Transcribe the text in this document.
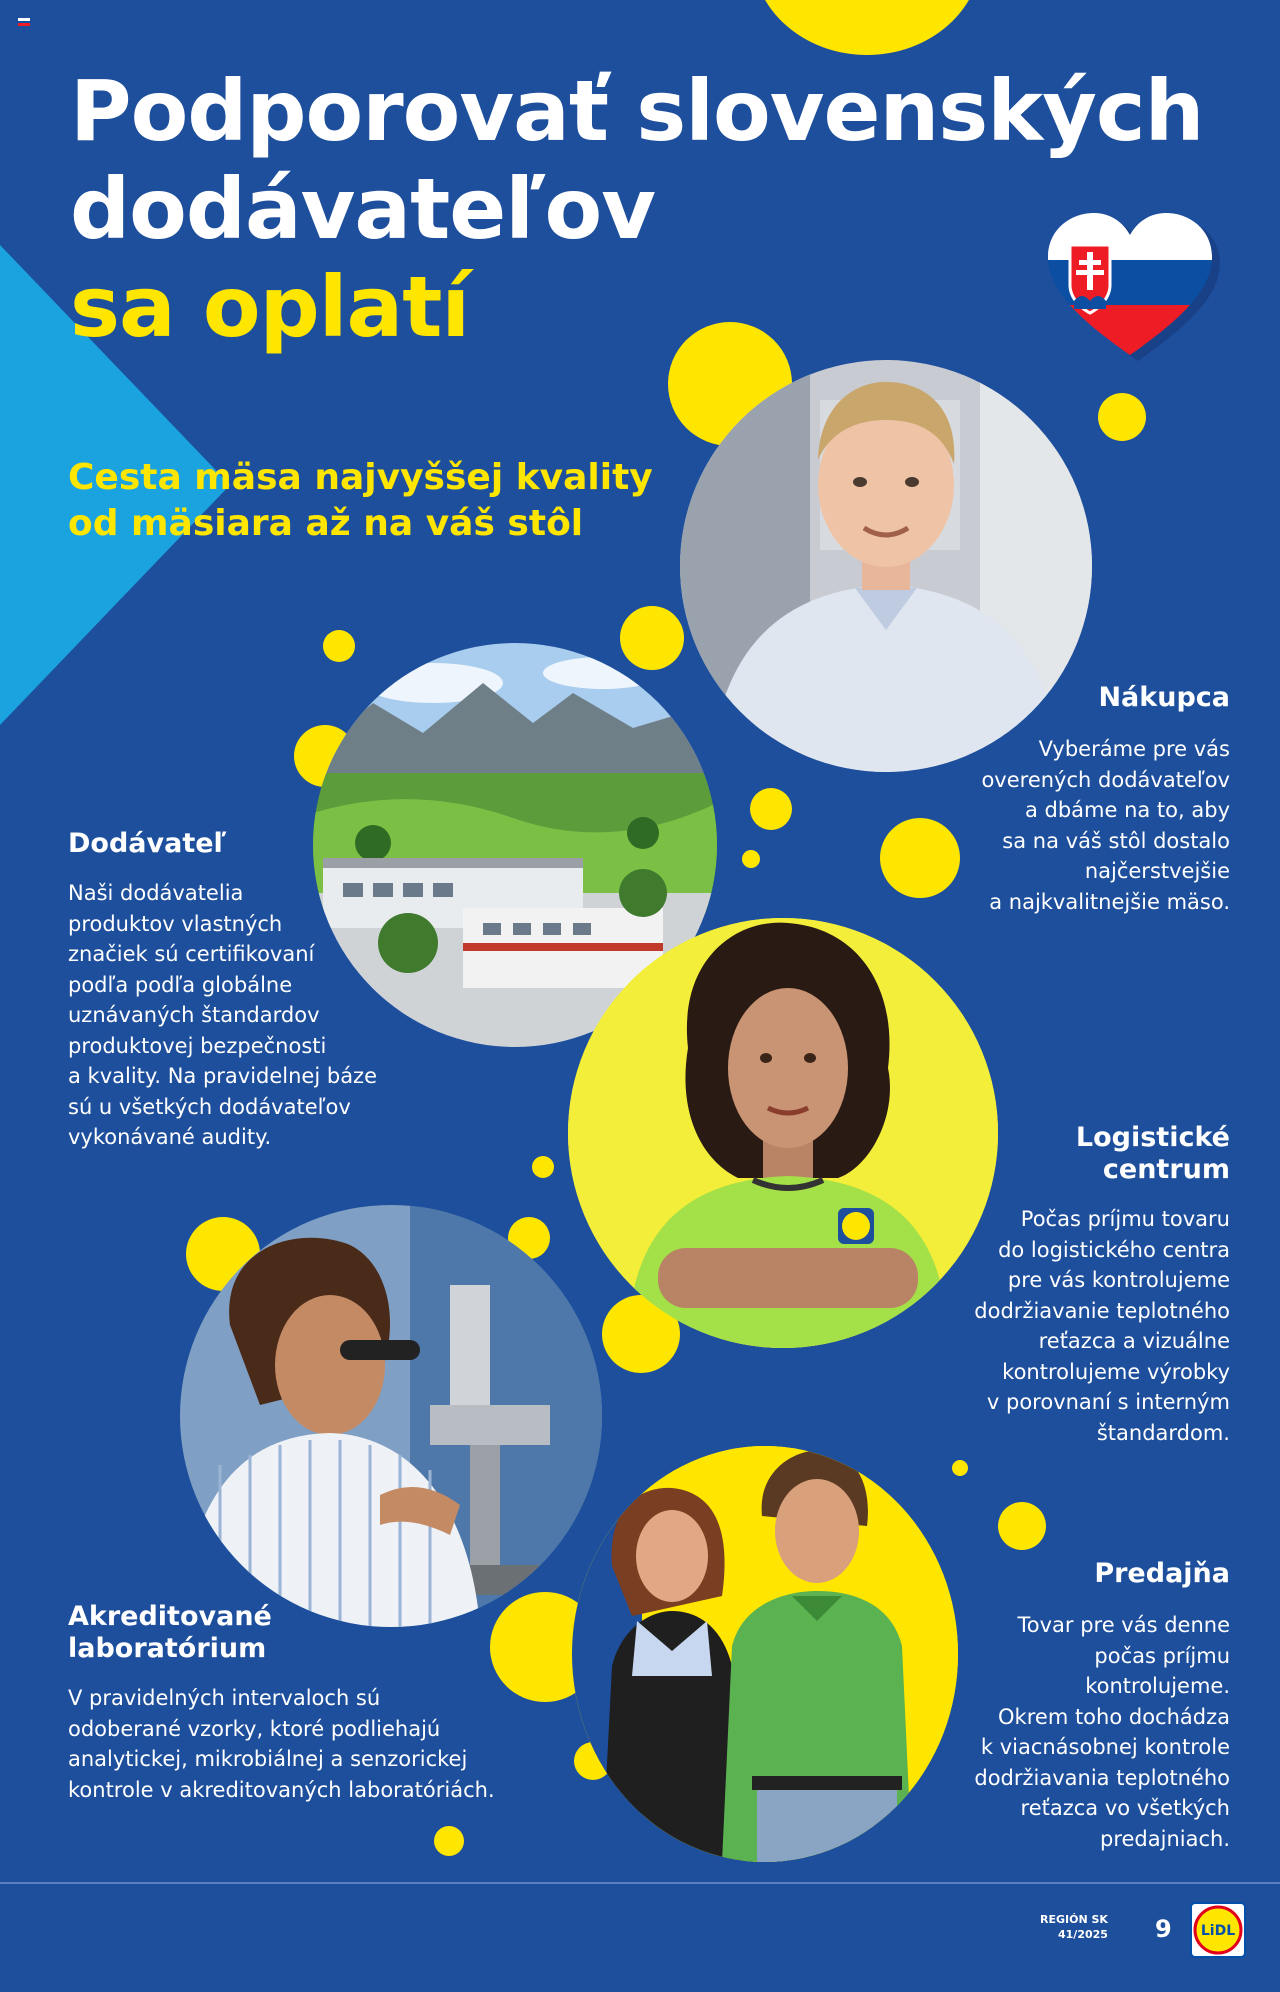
Podporovať slovenských
dodávateľov
sa oplatí
Cesta mäsa najvyššej kvality
od mäsiara až na váš stôl
Nákupca

Vyberáme pre vás
overených dodávateľov
a dbáme na to, aby
sa na váš stôl dostalo
najčerstvejšie
a najkvalitnejšie mäso.

Dodávateľ

Naši dodávatelia
produktov vlastných
značiek sú certifikovaní
podľa podľa globálne
uznávaných štandardov
produktovej bezpečnosti
a kvality. Na pravidelnej báze
sú u všetkých dodávateľov
vykonávané audity.	Logistické
centrum

Počas príjmu tovaru
do logistického centra
pre vás kontrolujeme
dodržiavanie teplotného
reťazca a vizuálne
kontrolujeme výrobky
v porovnaní s interným
štandardom.

Akreditované
laboratórium

V pravidelných intervaloch sú
odoberané vzorky, ktoré podliehajú
analytickej, mikrobiálnej a senzorickej
kontrole v akreditovaných laboratóriách.

Predajňa

Tovar pre vás denne
počas príjmu
kontrolujeme.
Okrem toho dochádza
k viacnásobnej kontrole
dodržiavania teplotného
reťazca vo všetkých
predajniach.

REGIÓN SK
41/2025 9 LiDL
